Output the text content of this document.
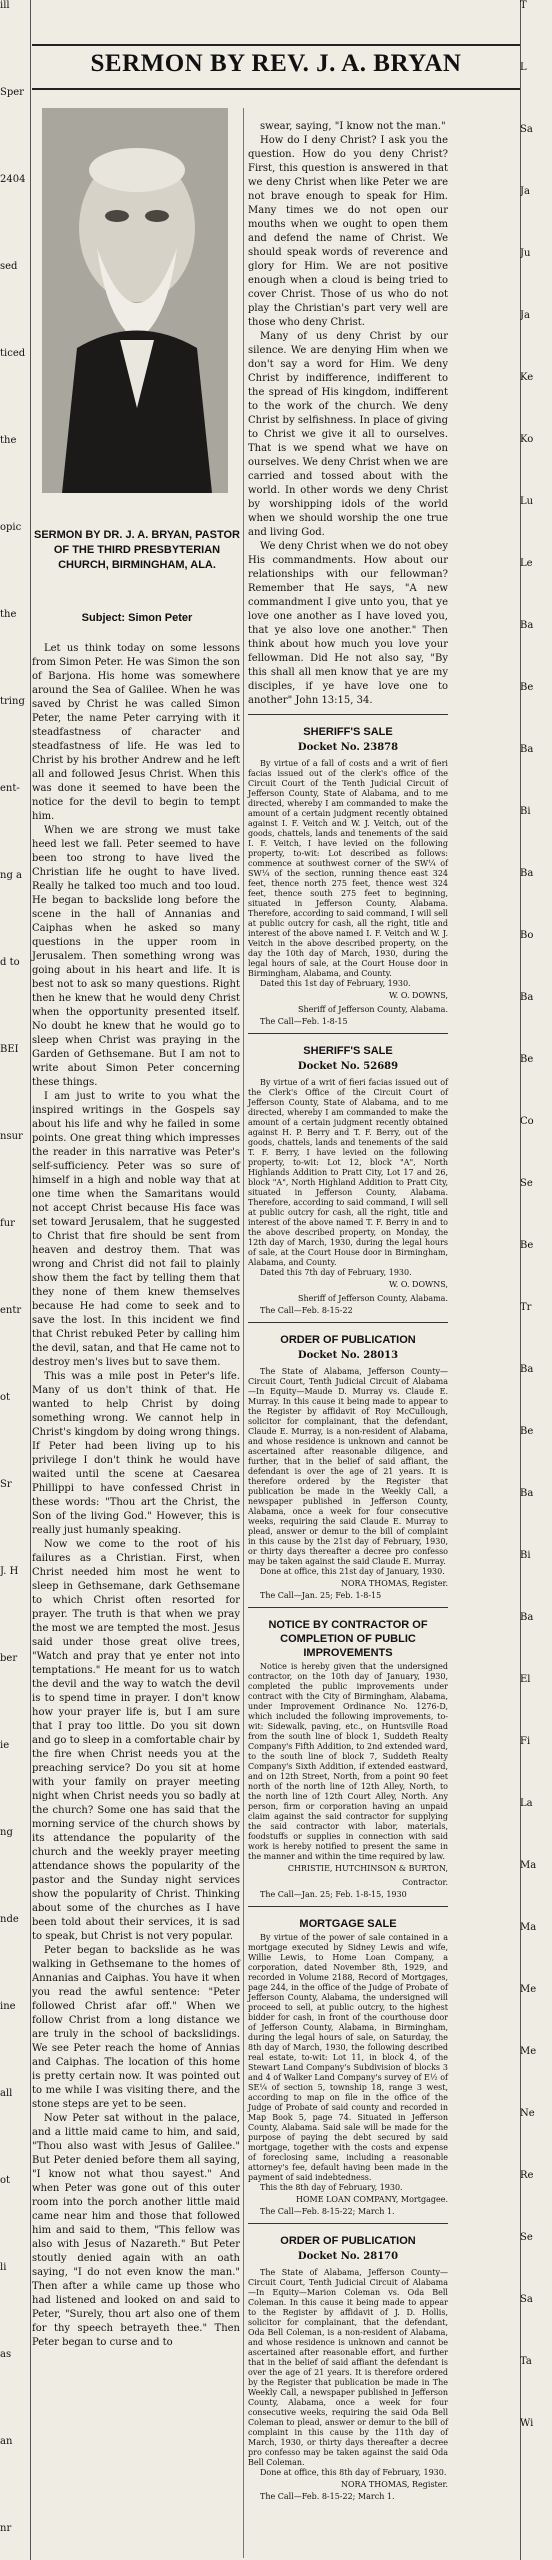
ill
Sper
2404
sed
ticed
the
opic
the
tring
ent-
ng a
d to
BEI
nsur
fur
entr
ot
Sr
J. H
ber
ie
ng
nde
ine
all
ot
li
as
an
nr
SERMON BY REV. J. A. BRYAN
SERMON BY DR. J. A. BRYAN, PASTOR OF THE THIRD PRESBYTERIAN CHURCH, BIRMINGHAM, ALA.
Subject: Simon Peter

Let us think today on some lessons from Simon Peter. He was Simon the son of Barjona. His home was somewhere around the Sea of Galilee. When he was saved by Christ he was called Simon Peter, the name Peter carrying with it steadfastness of character and steadfastness of life. He was led to Christ by his brother Andrew and he left all and followed Jesus Christ. When this was done it seemed to have been the notice for the devil to begin to tempt him.

When we are strong we must take heed lest we fall. Peter seemed to have been too strong to have lived the Christian life he ought to have lived. Really he talked too much and too loud. He began to backslide long before the scene in the hall of Annanias and Caiphas when he asked so many questions in the upper room in Jerusalem. Then something wrong was going about in his heart and life. It is best not to ask so many questions. Right then he knew that he would deny Christ when the opportunity presented itself. No doubt he knew that he would go to sleep when Christ was praying in the Garden of Gethsemane. But I am not to write about Simon Peter concerning these things.

I am just to write to you what the inspired writings in the Gospels say about his life and why he failed in some points. One great thing which impresses the reader in this narrative was Peter's self-sufficiency. Peter was so sure of himself in a high and noble way that at one time when the Samaritans would not accept Christ because His face was set toward Jerusalem, that he suggested to Christ that fire should be sent from heaven and destroy them. That was wrong and Christ did not fail to plainly show them the fact by telling them that they none of them knew themselves because He had come to seek and to save the lost. In this incident we find that Christ rebuked Peter by calling him the devil, satan, and that He came not to destroy men's lives but to save them.

This was a mile post in Peter's life. Many of us don't think of that. He wanted to help Christ by doing something wrong. We cannot help in Christ's kingdom by doing wrong things. If Peter had been living up to his privilege I don't think he would have waited until the scene at Caesarea Phillippi to have confessed Christ in these words: "Thou art the Christ, the Son of the living God." However, this is really just humanly speaking.

Now we come to the root of his failures as a Christian. First, when Christ needed him most he went to sleep in Gethsemane, dark Gethsemane to which Christ often resorted for prayer. The truth is that when we pray the most we are tempted the most. Jesus said under those great olive trees, "Watch and pray that ye enter not into temptations." He meant for us to watch the devil and the way to watch the devil is to spend time in prayer. I don't know how your prayer life is, but I am sure that I pray too little. Do you sit down and go to sleep in a comfortable chair by the fire when Christ needs you at the preaching service? Do you sit at home with your family on prayer meeting night when Christ needs you so badly at the church? Some one has said that the morning service of the church shows by its attendance the popularity of the church and the weekly prayer meeting attendance shows the popularity of the pastor and the Sunday night services show the popularity of Christ. Thinking about some of the churches as I have been told about their services, it is sad to speak, but Christ is not very popular.

Peter began to backslide as he was walking in Gethsemane to the homes of Annanias and Caiphas. You have it when you read the awful sentence: "Peter followed Christ afar off." When we follow Christ from a long distance we are truly in the school of backslidings. We see Peter reach the home of Annias and Caiphas. The location of this home is pretty certain now. It was pointed out to me while I was visiting there, and the stone steps are yet to be seen.

Now Peter sat without in the palace, and a little maid came to him, and said, "Thou also wast with Jesus of Galilee." But Peter denied before them all saying, "I know not what thou sayest." And when Peter was gone out of this outer room into the porch another little maid came near him and those that followed him and said to them, "This fellow was also with Jesus of Nazareth." But Peter stoutly denied again with an oath saying, "I do not even know the man." Then after a while came up those who had listened and looked on and said to Peter, "Surely, thou art also one of them for thy speech betrayeth thee." Then Peter began to curse and to

swear, saying, "I know not the man."

How do I deny Christ? I ask you the question. How do you deny Christ? First, this question is answered in that we deny Christ when like Peter we are not brave enough to speak for Him. Many times we do not open our mouths when we ought to open them and defend the name of Christ. We should speak words of reverence and glory for Him. We are not positive enough when a cloud is being tried to cover Christ. Those of us who do not play the Christian's part very well are those who deny Christ.

Many of us deny Christ by our silence. We are denying Him when we don't say a word for Him. We deny Christ by indifference, indifferent to the spread of His kingdom, indifferent to the work of the church. We deny Christ by selfishness. In place of giving to Christ we give it all to ourselves. That is we spend what we have on ourselves. We deny Christ when we are carried and tossed about with the world. In other words we deny Christ by worshipping idols of the world when we should worship the one true and living God.

We deny Christ when we do not obey His commandments. How about our relationships with our fellowman? Remember that He says, "A new commandment I give unto you, that ye love one another as I have loved you, that ye also love one another." Then think about how much you love your fellowman. Did He not also say, "By this shall all men know that ye are my disciples, if ye have love one to another" John 13:15, 34.

SHERIFF'S SALE
Docket No. 23878

By virtue of a fall of costs and a writ of fieri facias issued out of the clerk's office of the Circuit Court of the Tenth Judicial Circuit of Jefferson County, State of Alabama, and to me directed, whereby I am commanded to make the amount of a certain judgment recently obtained against I. F. Veitch and W. J. Veitch, out of the goods, chattels, lands and tenements of the said I. F. Veitch, I have levied on the following property, to-wit: Lot described as follows: commence at southwest corner of the SW¼ of SW¼ of the section, running thence east 324 feet, thence north 275 feet, thence west 324 feet, thence south 275 feet to beginning, situated in Jefferson County, Alabama. Therefore, according to said command, I will sell at public outcry for cash, all the right, title and interest of the above named I. F. Veitch and W. J. Veitch in the above described property, on the day the 10th day of March, 1930, during the legal hours of sale, at the Court House door in Birmingham, Alabama, and County.

Dated this 1st day of February, 1930.

W. O. DOWNS,
Sheriff of Jefferson County, Alabama.

The Call—Feb. 1-8-15

SHERIFF'S SALE
Docket No. 52689

By virtue of a writ of fieri facias issued out of the Clerk's Office of the Circuit Court of Jefferson County, State of Alabama, and to me directed, whereby I am commanded to make the amount of a certain judgment recently obtained against H. P. Berry and T. F. Berry, out of the goods, chattels, lands and tenements of the said T. F. Berry, I have levied on the following property, to-wit: Lot 12, block "A", North Highlands Addition to Pratt City, Lot 17 and 26, block "A", North Highland Addition to Pratt City, situated in Jefferson County, Alabama. Therefore, according to said command, I will sell at public outcry for cash, all the right, title and interest of the above named T. F. Berry in and to the above described property, on Monday, the 12th day of March, 1930, during the legal hours of sale, at the Court House door in Birmingham, Alabama, and County.

Dated this 7th day of February, 1930.

W. O. DOWNS,
Sheriff of Jefferson County, Alabama.

The Call—Feb. 8-15-22

ORDER OF PUBLICATION
Docket No. 28013

The State of Alabama, Jefferson County—Circuit Court, Tenth Judicial Circuit of Alabama—In Equity—Maude D. Murray vs. Claude E. Murray. In this cause it being made to appear to the Register by affidavit of Roy McCullough, solicitor for complainant, that the defendant, Claude E. Murray, is a non-resident of Alabama, and whose residence is unknown and cannot be ascertained after reasonable diligence, and further, that in the belief of said affiant, the defendant is over the age of 21 years. It is therefore ordered by the Register that publication be made in the Weekly Call, a newspaper published in Jefferson County, Alabama, once a week for four consecutive weeks, requiring the said Claude E. Murray to plead, answer or demur to the bill of complaint in this cause by the 21st day of February, 1930, or thirty days thereafter a decree pro confesso may be taken against the said Claude E. Murray.

Done at office, this 21st day of January, 1930.

NORA THOMAS, Register.

The Call—Jan. 25; Feb. 1-8-15

NOTICE BY CONTRACTOR OF COMPLETION OF PUBLIC IMPROVEMENTS

Notice is hereby given that the undersigned contractor, on the 10th day of January, 1930, completed the public improvements under contract with the City of Birmingham, Alabama, under Improvement Ordinance No. 1276-D, which included the following improvements, to-wit: Sidewalk, paving, etc., on Huntsville Road from the south line of block 1, Suddeth Realty Company's Fifth Addition, to 2nd extended ward, to the south line of block 7, Suddeth Realty Company's Sixth Addition, if extended eastward, and on 12th Street, North, from a point 90 feet north of the north line of 12th Alley, North, to the north line of 12th Court Alley, North. Any person, firm or corporation having an unpaid claim against the said contractor for supplying the said contractor with labor, materials, foodstuffs or supplies in connection with said work is hereby notified to present the same in the manner and within the time required by law.

CHRISTIE, HUTCHINSON & BURTON, Contractor.

The Call—Jan. 25; Feb. 1-8-15, 1930

MORTGAGE SALE

By virtue of the power of sale contained in a mortgage executed by Sidney Lewis and wife, Willie Lewis, to Home Loan Company, a corporation, dated November 8th, 1929, and recorded in Volume 2188, Record of Mortgages, page 244, in the office of the Judge of Probate of Jefferson County, Alabama, the undersigned will proceed to sell, at public outcry, to the highest bidder for cash, in front of the courthouse door of Jefferson County, Alabama, in Birmingham, during the legal hours of sale, on Saturday, the 8th day of March, 1930, the following described real estate, to-wit: Lot 11, in block 4, of the Stewart Land Company's Subdivision of blocks 3 and 4 of Walker Land Company's survey of E½ of SE¼ of section 5, township 18, range 3 west, according to map on file in the office of the Judge of Probate of said county and recorded in Map Book 5, page 74. Situated in Jefferson County, Alabama. Said sale will be made for the purpose of paying the debt secured by said mortgage, together with the costs and expense of foreclosing same, including a reasonable attorney's fee, default having been made in the payment of said indebtedness.

This the 8th day of February, 1930.

HOME LOAN COMPANY, Mortgagee.

The Call—Feb. 8-15-22; March 1.

ORDER OF PUBLICATION
Docket No. 28170

The State of Alabama, Jefferson County—Circuit Court, Tenth Judicial Circuit of Alabama—In Equity—Marion Coleman vs. Oda Bell Coleman. In this cause it being made to appear to the Register by affidavit of J. D. Hollis, solicitor for complainant, that the defendant, Oda Bell Coleman, is a non-resident of Alabama, and whose residence is unknown and cannot be ascertained after reasonable effort, and further that in the belief of said affiant the defendant is over the age of 21 years. It is therefore ordered by the Register that publication be made in The Weekly Call, a newspaper published in Jefferson County, Alabama, once a week for four consecutive weeks, requiring the said Oda Bell Coleman to plead, answer or demur to the bill of complaint in this cause by the 11th day of March, 1930, or thirty days thereafter a decree pro confesso may be taken against the said Oda Bell Coleman.

Done at office, this 8th day of February, 1930.

NORA THOMAS, Register.

The Call—Feb. 8-15-22; March 1.

T
L
Sa
Ja
Ju
Ja
Ke
Ko
Lu
Le
Ba
Be
Ba
Bi
Ba
Bo
Ba
Be
Co
Se
Be
Tr
Ba
Be
Ba
Bi
Ba
El
Fi
La
Ma
Ma
Me
Me
Ne
Re
Se
Sa
Ta
Wi
